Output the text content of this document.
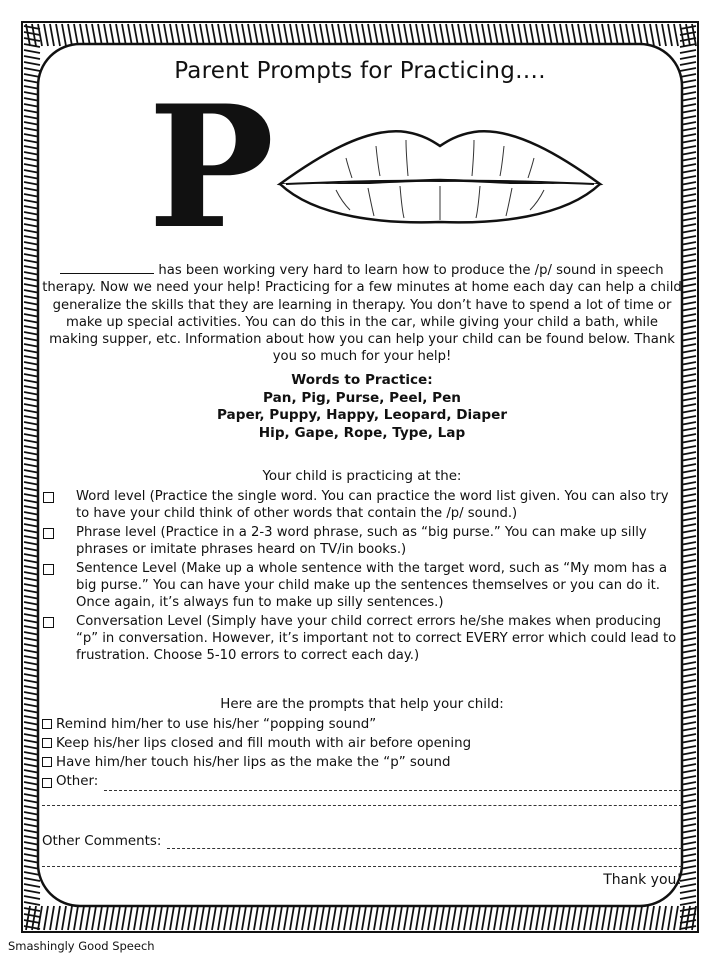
Parent Prompts for Practicing….
P
has been working very hard to learn how to produce the /p/ sound in speech therapy. Now we need your help! Practicing for a few minutes at home each day can help a child generalize the skills that they are learning in therapy. You don’t have to spend a lot of time or make up special activities. You can do this in the car, while giving your child a bath, while making supper, etc. Information about how you can help your child can be found below. Thank you so much for your help!
Words to Practice:
Pan, Pig, Purse, Peel, Pen
Paper, Puppy, Happy, Leopard, Diaper
Hip, Gape, Rope, Type, Lap
Your child is practicing at the:
Word level (Practice the single word. You can practice the word list given. You can also try to have your child think of other words that contain the /p/ sound.)
Phrase level (Practice in a 2-3 word phrase, such as “big purse.” You can make up silly phrases or imitate phrases heard on TV/in books.)
Sentence Level (Make up a whole sentence with the target word, such as “My mom has a big purse.” You can have your child make up the sentences themselves or you can do it. Once again, it’s always fun to make up silly sentences.)
Conversation Level (Simply have your child correct errors he/she makes when producing “p” in conversation. However, it’s important not to correct EVERY error which could lead to frustration. Choose 5-10 errors to correct each day.)
Here are the prompts that help your child:
Remind him/her to use his/her “popping sound”
Keep his/her lips closed and fill mouth with air before opening
Have him/her touch his/her lips as the make the “p” sound
Other:
Other Comments:
Thank you!
Smashingly Good Speech
